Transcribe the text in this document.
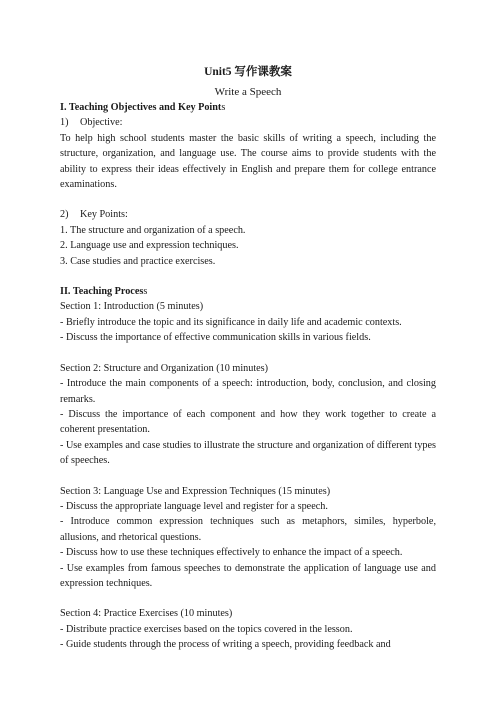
Unit5 写作课教案
Write a Speech

I. Teaching Objectives and Key Points

1)	Objective:

To help high school students master the basic skills of writing a speech, including the structure, organization, and language use. The course aims to provide students with the ability to express their ideas effectively in English and prepare them for college entrance examinations.

2)	Key Points:

1. The structure and organization of a speech.

2. Language use and expression techniques.

3. Case studies and practice exercises.

II. Teaching Process

Section 1: Introduction (5 minutes)

- Briefly introduce the topic and its significance in daily life and academic contexts.

- Discuss the importance of effective communication skills in various fields.

Section 2: Structure and Organization (10 minutes)

- Introduce the main components of a speech: introduction, body, conclusion, and closing remarks.

- Discuss the importance of each component and how they work together to create a coherent presentation.

- Use examples and case studies to illustrate the structure and organization of different types of speeches.

Section 3: Language Use and Expression Techniques (15 minutes)

- Discuss the appropriate language level and register for a speech.

- Introduce common expression techniques such as metaphors, similes, hyperbole, allusions, and rhetorical questions.

- Discuss how to use these techniques effectively to enhance the impact of a speech.

- Use examples from famous speeches to demonstrate the application of language use and expression techniques.

Section 4: Practice Exercises (10 minutes)

- Distribute practice exercises based on the topics covered in the lesson.

- Guide students through the process of writing a speech, providing feedback and
